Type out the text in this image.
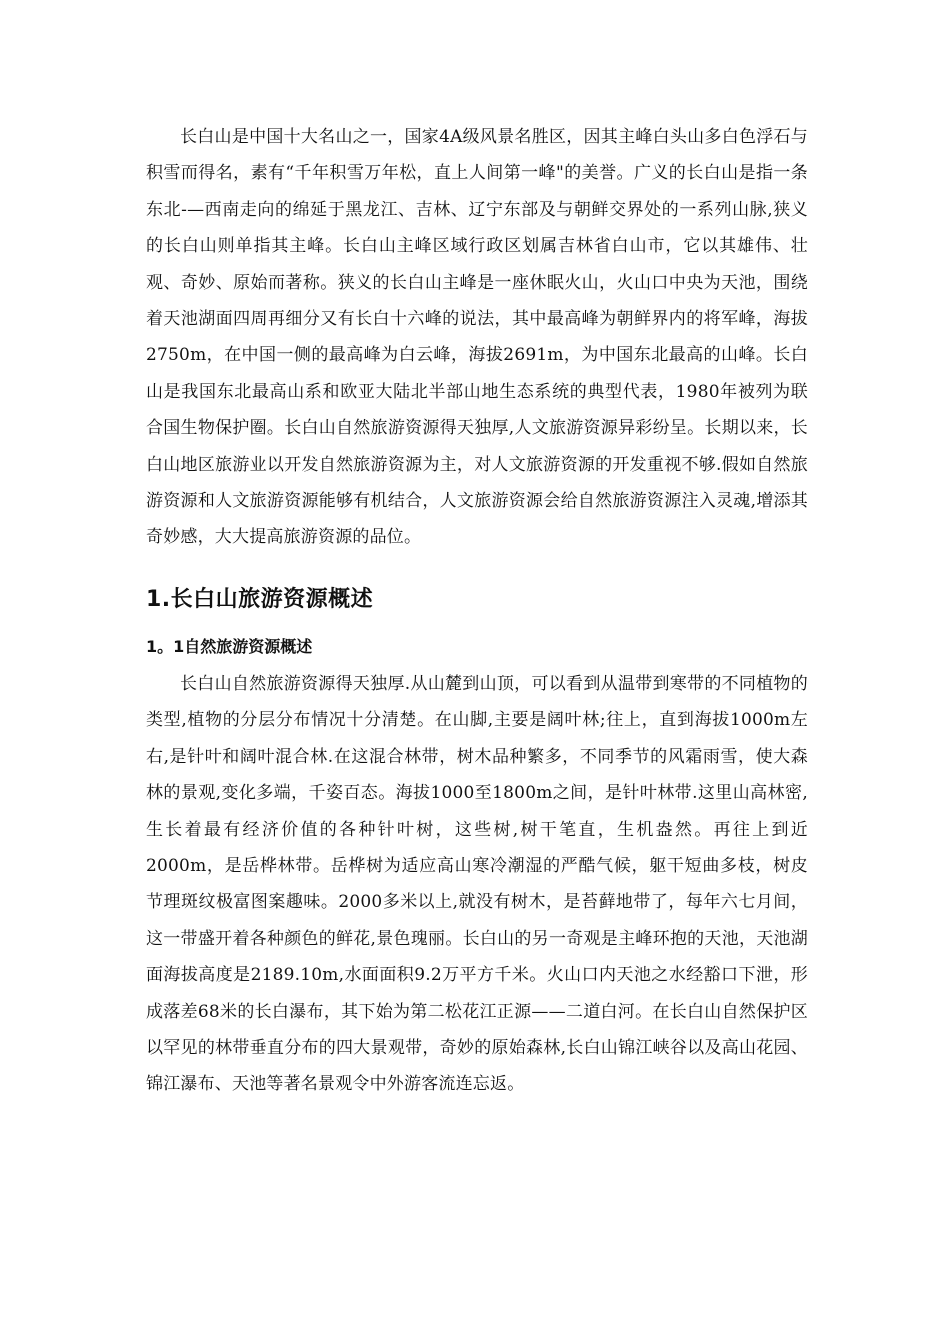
长白山是中国十大名山之一，国家4A级风景名胜区，因其主峰白头山多白色浮石与积雪而得名，素有“千年积雪万年松，直上人间第一峰"的美誉。广义的长白山是指一条东北-—西南走向的绵延于黑龙江、吉林、辽宁东部及与朝鲜交界处的一系列山脉,狭义的长白山则单指其主峰。长白山主峰区域行政区划属吉林省白山市，它以其雄伟、壮观、奇妙、原始而著称。狭义的长白山主峰是一座休眠火山，火山口中央为天池，围绕着天池湖面四周再细分又有长白十六峰的说法，其中最高峰为朝鲜界内的将军峰，海拔2750m，在中国一侧的最高峰为白云峰，海拔2691m，为中国东北最高的山峰。长白山是我国东北最高山系和欧亚大陆北半部山地生态系统的典型代表，1980年被列为联合国生物保护圈。长白山自然旅游资源得天独厚,人文旅游资源异彩纷呈。长期以来，长白山地区旅游业以开发自然旅游资源为主，对人文旅游资源的开发重视不够.假如自然旅游资源和人文旅游资源能够有机结合，人文旅游资源会给自然旅游资源注入灵魂,增添其奇妙感，大大提高旅游资源的品位。

1.长白山旅游资源概述
1。1自然旅游资源概述

长白山自然旅游资源得天独厚.从山麓到山顶，可以看到从温带到寒带的不同植物的类型,植物的分层分布情况十分清楚。在山脚,主要是阔叶林;往上，直到海拔1000m左右,是针叶和阔叶混合林.在这混合林带，树木品种繁多，不同季节的风霜雨雪，使大森林的景观,变化多端，千姿百态。海拔1000至1800m之间，是针叶林带.这里山高林密,生长着最有经济价值的各种针叶树，这些树,树干笔直，生机盎然。再往上到近2000m，是岳桦林带。岳桦树为适应高山寒冷潮湿的严酷气候，躯干短曲多枝，树皮节理斑纹极富图案趣味。2000多米以上,就没有树木，是苔藓地带了，每年六七月间，这一带盛开着各种颜色的鲜花,景色瑰丽。长白山的另一奇观是主峰环抱的天池，天池湖面海拔高度是2189.10m,水面面积9.2万平方千米。火山口内天池之水经豁口下泄，形成落差68米的长白瀑布，其下始为第二松花江正源——二道白河。在长白山自然保护区以罕见的林带垂直分布的四大景观带，奇妙的原始森林,长白山锦江峡谷以及高山花园、锦江瀑布、天池等著名景观令中外游客流连忘返。
